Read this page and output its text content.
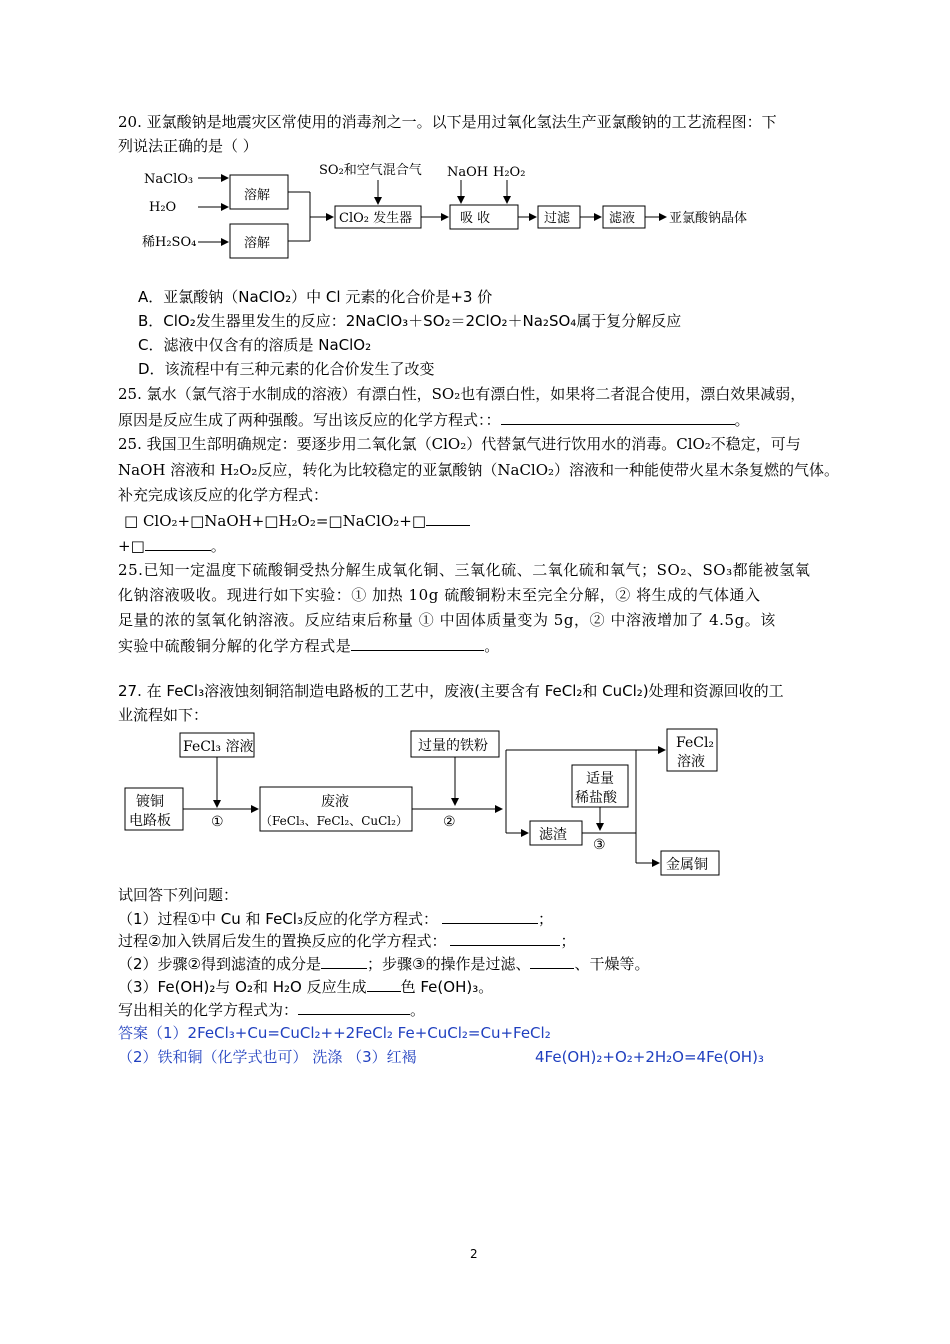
20. 亚氯酸钠是地震灾区常使用的消毒剂之一。以下是用过氧化氢法生产亚氯酸钠的工艺流程图：下
列说法正确的是（ ）
NaClO₃
H₂O
稀H₂SO₄
溶解
溶解
SO₂和空气混合气
ClO₂ 发生器
NaOH H₂O₂
吸 收	过滤	滤液	亚氯酸钠晶体
A．亚氯酸钠（NaClO₂）中 Cl 元素的化合价是+3 价
B．ClO₂发生器里发生的反应：2NaClO₃＋SO₂＝2ClO₂＋Na₂SO₄属于复分解反应
C．滤液中仅含有的溶质是 NaClO₂
D．该流程中有三种元素的化合价发生了改变
25. 氯水（氯气溶于水制成的溶液）有漂白性，SO₂也有漂白性，如果将二者混合使用，漂白效果减弱，
原因是反应生成了两种强酸。写出该反应的化学方程式：：	。
25. 我国卫生部明确规定：要逐步用二氧化氯（ClO₂）代替氯气进行饮用水的消毒。ClO₂不稳定，可与
NaOH 溶液和 H₂O₂反应，转化为比较稳定的亚氯酸钠（NaClO₂）溶液和一种能使带火星木条复燃的气体。
补充完成该反应的化学方程式：
□ ClO₂+□NaOH+□H₂O₂=□NaClO₂+□
+□	。
25.已知一定温度下硫酸铜受热分解生成氧化铜、三氧化硫、二氧化硫和氧气；SO₂、SO₃都能被氢氧
化钠溶液吸收。现进行如下实验：① 加热 10g 硫酸铜粉末至完全分解，② 将生成的气体通入
足量的浓的氢氧化钠溶液。反应结束后称量 ① 中固体质量变为 5g，② 中溶液增加了 4.5g。该
实验中硫酸铜分解的化学方程式是	。
27. 在 FeCl₃溶液蚀刻铜箔制造电路板的工艺中，废液(主要含有 FeCl₂和 CuCl₂)处理和资源回收的工
业流程如下：
FeCl₃ 溶液
镀铜
电路板	①
废液
（FeCl₃、FeCl₂、CuCl₂）
过量的铁粉
②
FeCl₂
溶液
适量
稀盐酸
滤渣
③
金属铜
试回答下列问题：
（1）过程①中 Cu 和 FeCl₃反应的化学方程式：	；
过程②加入铁屑后发生的置换反应的化学方程式：	；
（2）步骤②得到滤渣的成分是	；步骤③的操作是过滤、	、干燥等。
（3）Fe(OH)₂与 O₂和 H₂O 反应生成 色 Fe(OH)₃。
写出相关的化学方程式为：	。
答案（1）2FeCl₃+Cu=CuCl₂++2FeCl₂ Fe+CuCl₂=Cu+FeCl₂
（2）铁和铜（化学式也可） 洗涤 （3）红褐	4Fe(OH)₂+O₂+2H₂O=4Fe(OH)₃
2
